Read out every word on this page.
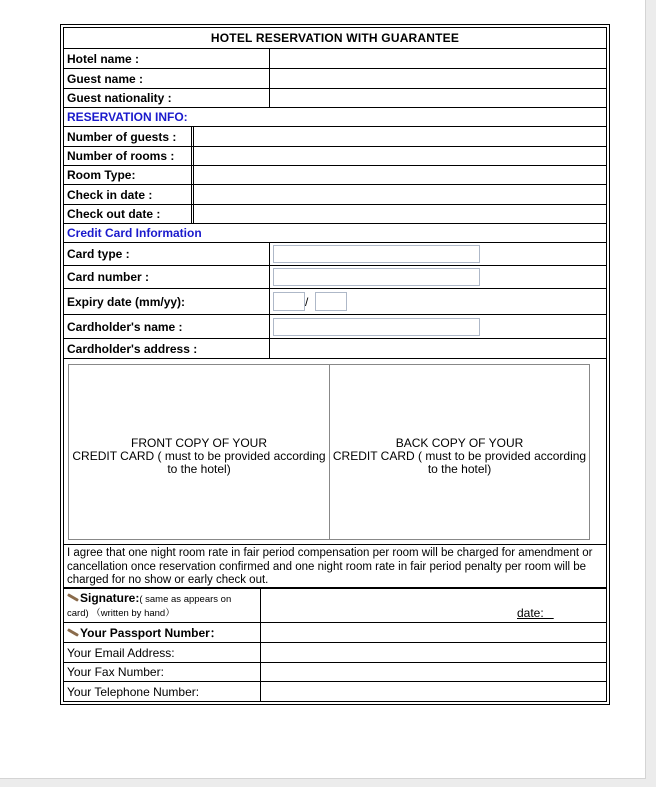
HOTEL RESERVATION WITH GUARANTEE
Hotel name :
Guest name :
Guest nationality :
RESERVATION INFO:
Number of guests :
Number of rooms :
Room Type:
Check in date :
Check out date :
Credit Card Information
Card type :
Card number :
Expiry date (mm/yy):	/
Cardholder's name :
Cardholder's address :
FRONT COPY OF YOUR
CREDIT CARD ( must to be provided according
to the hotel)
BACK COPY OF YOUR
CREDIT CARD ( must to be provided according
to the hotel)
I agree that one night room rate in fair period compensation per room will be charged for amendment or cancellation once reservation confirmed and one night room rate in fair period penalty per room will be charged for no show or early check out.
Signature:( same as appears on
card) （written by hand）	date:
Your Passport Number：
Your Email Address:
Your Fax Number:
Your Telephone Number:
